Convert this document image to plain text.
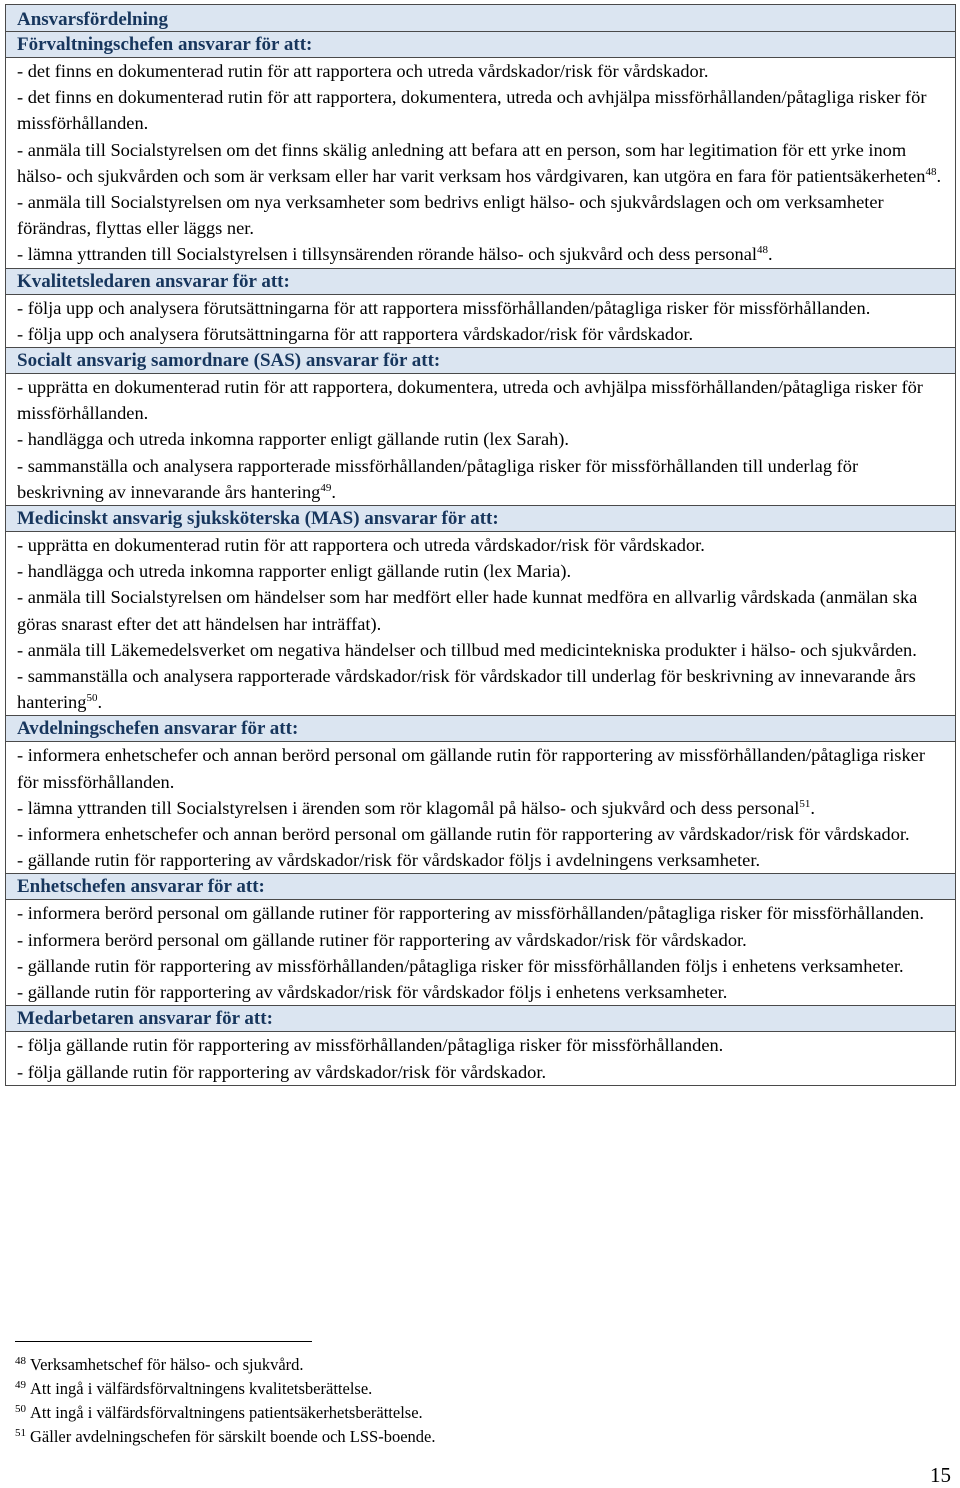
Ansvarsfördelning
Förvaltningschefen ansvarar för att:

- det finns en dokumenterad rutin för att rapportera och utreda vårdskador/risk för vårdskador.

- det finns en dokumenterad rutin för att rapportera, dokumentera, utreda och avhjälpa missförhållanden/påtagliga risker för missförhållanden.

- anmäla till Socialstyrelsen om det finns skälig anledning att befara att en person, som har legitimation för ett yrke inom hälso- och sjukvården och som är verksam eller har varit verksam hos vårdgivaren, kan utgöra en fara för patientsäkerheten$^{48}$.

- anmäla till Socialstyrelsen om nya verksamheter som bedrivs enligt hälso- och sjukvårdslagen och om verksamheter förändras, flyttas eller läggs ner.

- lämna yttranden till Socialstyrelsen i tillsynsärenden rörande hälso- och sjukvård och dess personal$^{48}$.

Kvalitetsledaren ansvarar för att:

- följa upp och analysera förutsättningarna för att rapportera missförhållanden/påtagliga risker för missförhållanden.

- följa upp och analysera förutsättningarna för att rapportera vårdskador/risk för vårdskador.

Socialt ansvarig samordnare (SAS) ansvarar för att:

- upprätta en dokumenterad rutin för att rapportera, dokumentera, utreda och avhjälpa missförhållanden/påtagliga risker för missförhållanden.

- handlägga och utreda inkomna rapporter enligt gällande rutin (lex Sarah).

- sammanställa och analysera rapporterade missförhållanden/påtagliga risker för missförhållanden till underlag för beskrivning av innevarande års hantering$^{49}$.

Medicinskt ansvarig sjuksköterska (MAS) ansvarar för att:

- upprätta en dokumenterad rutin för att rapportera och utreda vårdskador/risk för vårdskador.

- handlägga och utreda inkomna rapporter enligt gällande rutin (lex Maria).

- anmäla till Socialstyrelsen om händelser som har medfört eller hade kunnat medföra en allvarlig vårdskada (anmälan ska göras snarast efter det att händelsen har inträffat).

- anmäla till Läkemedelsverket om negativa händelser och tillbud med medicintekniska produkter i hälso- och sjukvården.

- sammanställa och analysera rapporterade vårdskador/risk för vårdskador till underlag för beskrivning av innevarande års hantering$^{50}$.

Avdelningschefen ansvarar för att:

- informera enhetschefer och annan berörd personal om gällande rutin för rapportering av missförhållanden/påtagliga risker för missförhållanden.

- lämna yttranden till Socialstyrelsen i ärenden som rör klagomål på hälso- och sjukvård och dess personal$^{51}$.

- informera enhetschefer och annan berörd personal om gällande rutin för rapportering av vårdskador/risk för vårdskador.

- gällande rutin för rapportering av vårdskador/risk för vårdskador följs i avdelningens verksamheter.

Enhetschefen ansvarar för att:

- informera berörd personal om gällande rutiner för rapportering av missförhållanden/påtagliga risker för missförhållanden.

- informera berörd personal om gällande rutiner för rapportering av vårdskador/risk för vårdskador.

- gällande rutin för rapportering av missförhållanden/påtagliga risker för missförhållanden följs i enhetens verksamheter.

- gällande rutin för rapportering av vårdskador/risk för vårdskador följs i enhetens verksamheter.

Medarbetaren ansvarar för att:

- följa gällande rutin för rapportering av missförhållanden/påtagliga risker för missförhållanden.

- följa gällande rutin för rapportering av vårdskador/risk för vårdskador.

$^{48}$ Verksamhetschef för hälso- och sjukvård.
$^{49}$ Att ingå i välfärdsförvaltningens kvalitetsberättelse.
$^{50}$ Att ingå i välfärdsförvaltningens patientsäkerhetsberättelse.
$^{51}$ Gäller avdelningschefen för särskilt boende och LSS-boende.
15
